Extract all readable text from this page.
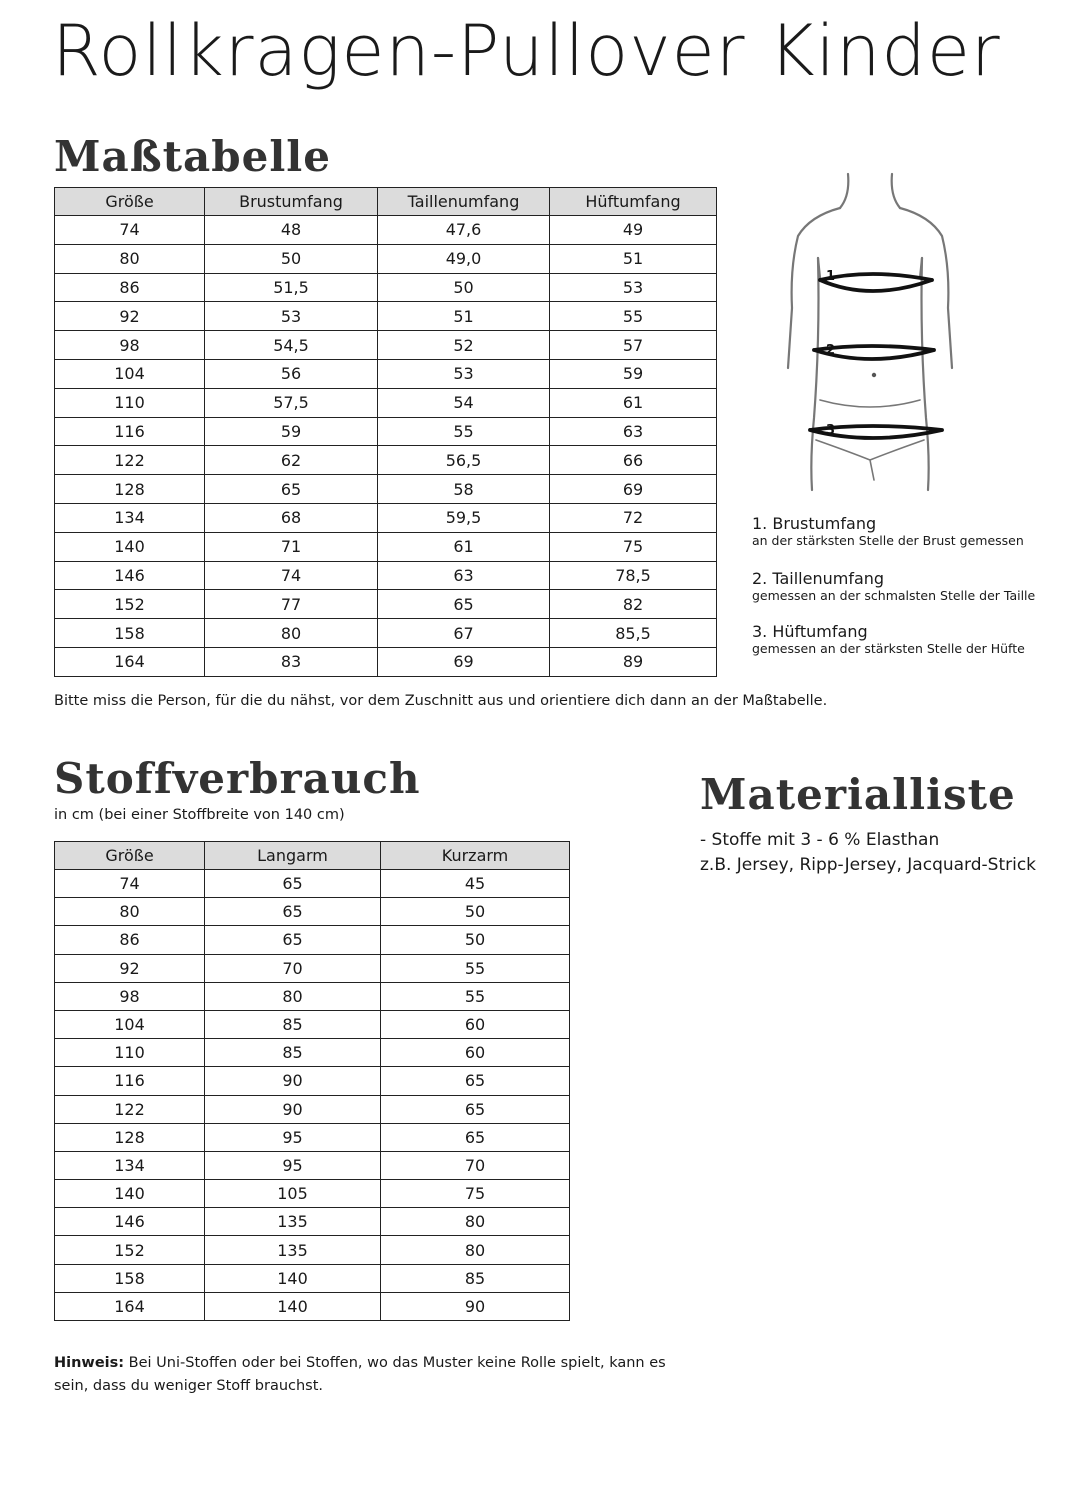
Rollkragen-Pullover Kinder
Maßtabelle
Größe	Brustumfang	Taillenumfang	Hüftumfang
74	48	47,6	49
80	50	49,0	51
86	51,5	50	53
92	53	51	55
98	54,5	52	57
104	56	53	59
110	57,5	54	61
116	59	55	63
122	62	56,5	66
128	65	58	69
134	68	59,5	72
140	71	61	75
146	74	63	78,5
152	77	65	82
158	80	67	85,5
164	83	69	89

Bitte miss die Person, für die du nähst, vor dem Zuschnitt aus und orientiere dich dann an der Maßtabelle.

1
2
3

1. Brustumfang

an der stärksten Stelle der Brust gemessen

2. Taillenumfang

gemessen an der schmalsten Stelle der Taille

3. Hüftumfang

gemessen an der stärksten Stelle der Hüfte

Stoffverbrauch

in cm (bei einer Stoffbreite von 140 cm)

Größe	Langarm	Kurzarm
74	65	45
80	65	50
86	65	50
92	70	55
98	80	55
104	85	60
110	85	60
116	90	65
122	90	65
128	95	65
134	95	70
140	105	75
146	135	80
152	135	80
158	140	85
164	140	90

Hinweis: Bei Uni-Stoffen oder bei Stoffen, wo das Muster keine Rolle spielt, kann es sein, dass du weniger Stoff brauchst.

Materialliste
- Stoffe mit 3 - 6 % Elasthan
z.B. Jersey, Ripp-Jersey, Jacquard-Strick
